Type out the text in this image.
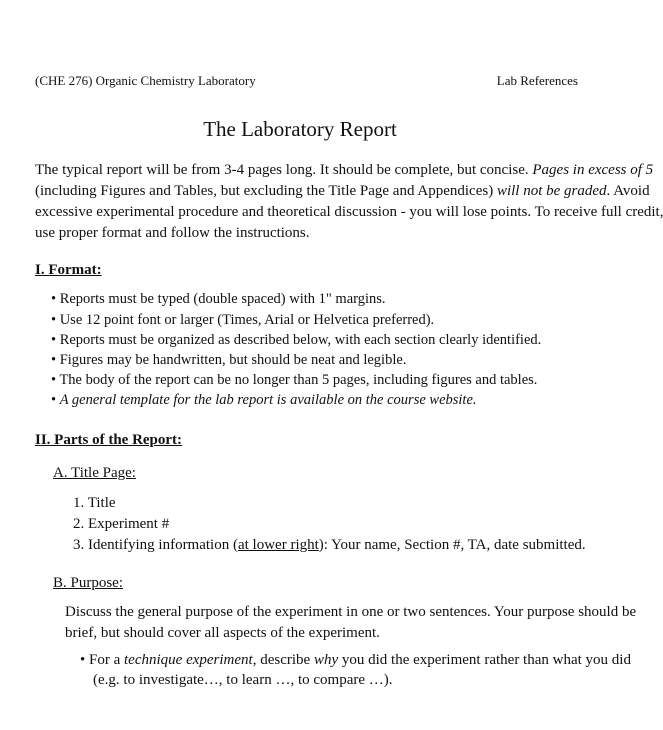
(CHE 276) Organic Chemistry Laboratory	Lab References
The Laboratory Report
The typical report will be from 3-4 pages long. It should be complete, but concise. Pages in excess of 5
(including Figures and Tables, but excluding the Title Page and Appendices) will not be graded. Avoid
excessive experimental procedure and theoretical discussion - you will lose points. To receive full credit,
use proper format and follow the instructions.
I. Format:
• Reports must be typed (double spaced) with 1" margins.
• Use 12 point font or larger (Times, Arial or Helvetica preferred).
• Reports must be organized as described below, with each section clearly identified.
• Figures may be handwritten, but should be neat and legible.
• The body of the report can be no longer than 5 pages, including figures and tables.
• A general template for the lab report is available on the course website.
II. Parts of the Report:
A. Title Page:
1. Title
2. Experiment #
3. Identifying information (at lower right): Your name, Section #, TA, date submitted.
B. Purpose:
Discuss the general purpose of the experiment in one or two sentences. Your purpose should be
brief, but should cover all aspects of the experiment.
• For a technique experiment, describe why you did the experiment rather than what you did
(e.g. to investigate…, to learn …, to compare …).
